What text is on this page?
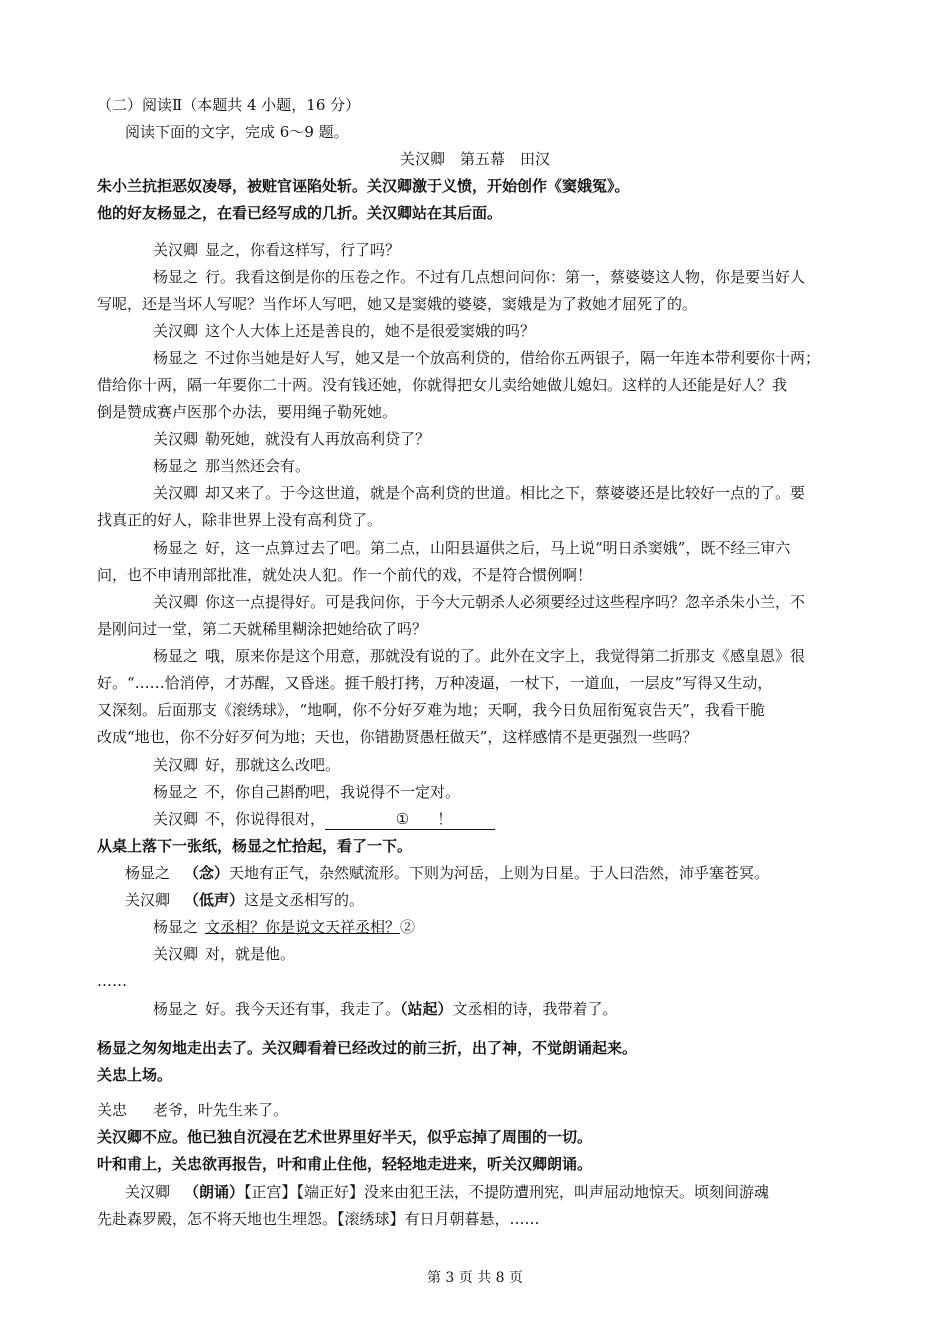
（二）阅读Ⅱ（本题共 4 小题，16 分）

阅读下面的文字，完成 6～9 题。

关汉卿　第五幕　田汉

朱小兰抗拒恶奴凌辱，被赃官诬陷处斩。关汉卿激于义愤，开始创作《窦娥冤》。

他的好友杨显之，在看已经写成的几折。关汉卿站在其后面。

关汉卿 显之，你看这样写，行了吗？

杨显之 行。我看这倒是你的压卷之作。不过有几点想问问你：第一，蔡婆婆这人物，你是要当好人

写呢，还是当坏人写呢？当作坏人写吧，她又是窦娥的婆婆，窦娥是为了救她才屈死了的。

关汉卿 这个人大体上还是善良的，她不是很爱窦娥的吗？

杨显之 不过你当她是好人写，她又是一个放高利贷的，借给你五两银子，隔一年连本带利要你十两；

借给你十两，隔一年要你二十两。没有钱还她，你就得把女儿卖给她做儿媳妇。这样的人还能是好人？我

倒是赞成赛卢医那个办法，要用绳子勒死她。

关汉卿 勒死她，就没有人再放高利贷了？

杨显之 那当然还会有。

关汉卿 却又来了。于今这世道，就是个高利贷的世道。相比之下，蔡婆婆还是比较好一点的了。要

找真正的好人，除非世界上没有高利贷了。

杨显之 好，这一点算过去了吧。第二点，山阳县逼供之后，马上说“明日杀窦娥”，既不经三审六

问，也不申请刑部批准，就处决人犯。作一个前代的戏，不是符合惯例啊！

关汉卿 你这一点提得好。可是我问你，于今大元朝杀人必须要经过这些程序吗？忽辛杀朱小兰，不

是刚问过一堂，第二天就稀里糊涂把她给砍了吗？

杨显之 哦，原来你是这个用意，那就没有说的了。此外在文字上，我觉得第二折那支《感皇恩》很

好。“……恰消停，才苏醒，又昏迷。捱千般打拷，万种凌逼，一杖下，一道血，一层皮”写得又生动，

又深刻。后面那支《滚绣球》，“地啊，你不分好歹难为地；天啊，我今日负屈衔冤哀告天”，我看干脆

改成“地也，你不分好歹何为地；天也，你错勘贤愚枉做天”，这样感情不是更强烈一些吗？

关汉卿 好，那就这么改吧。

杨显之 不，你自己斟酌吧，我说得不一定对。

关汉卿 不，你说得很对，	① ！

从桌上落下一张纸，杨显之忙拾起，看了一下。

杨显之 （念）天地有正气，杂然赋流形。下则为河岳，上则为日星。于人曰浩然，沛乎塞苍冥。

关汉卿 （低声）这是文丞相写的。

杨显之 文丞相？你是说文天祥丞相？②

关汉卿 对，就是他。

……

杨显之 好。我今天还有事，我走了。（站起）文丞相的诗，我带着了。

杨显之匆匆地走出去了。关汉卿看着已经改过的前三折，出了神，不觉朗诵起来。

关忠上场。

关忠 老爷，叶先生来了。

关汉卿不应。他已独自沉浸在艺术世界里好半天，似乎忘掉了周围的一切。

叶和甫上，关忠欲再报告，叶和甫止住他，轻轻地走进来，听关汉卿朗诵。

关汉卿 （朗诵）【正宫】【端正好】没来由犯王法，不提防遭刑宪，叫声屈动地惊天。顷刻间游魂

先赴森罗殿，怎不将天地也生埋怨。【滚绣球】有日月朝暮悬，……

第 3 页 共 8 页
